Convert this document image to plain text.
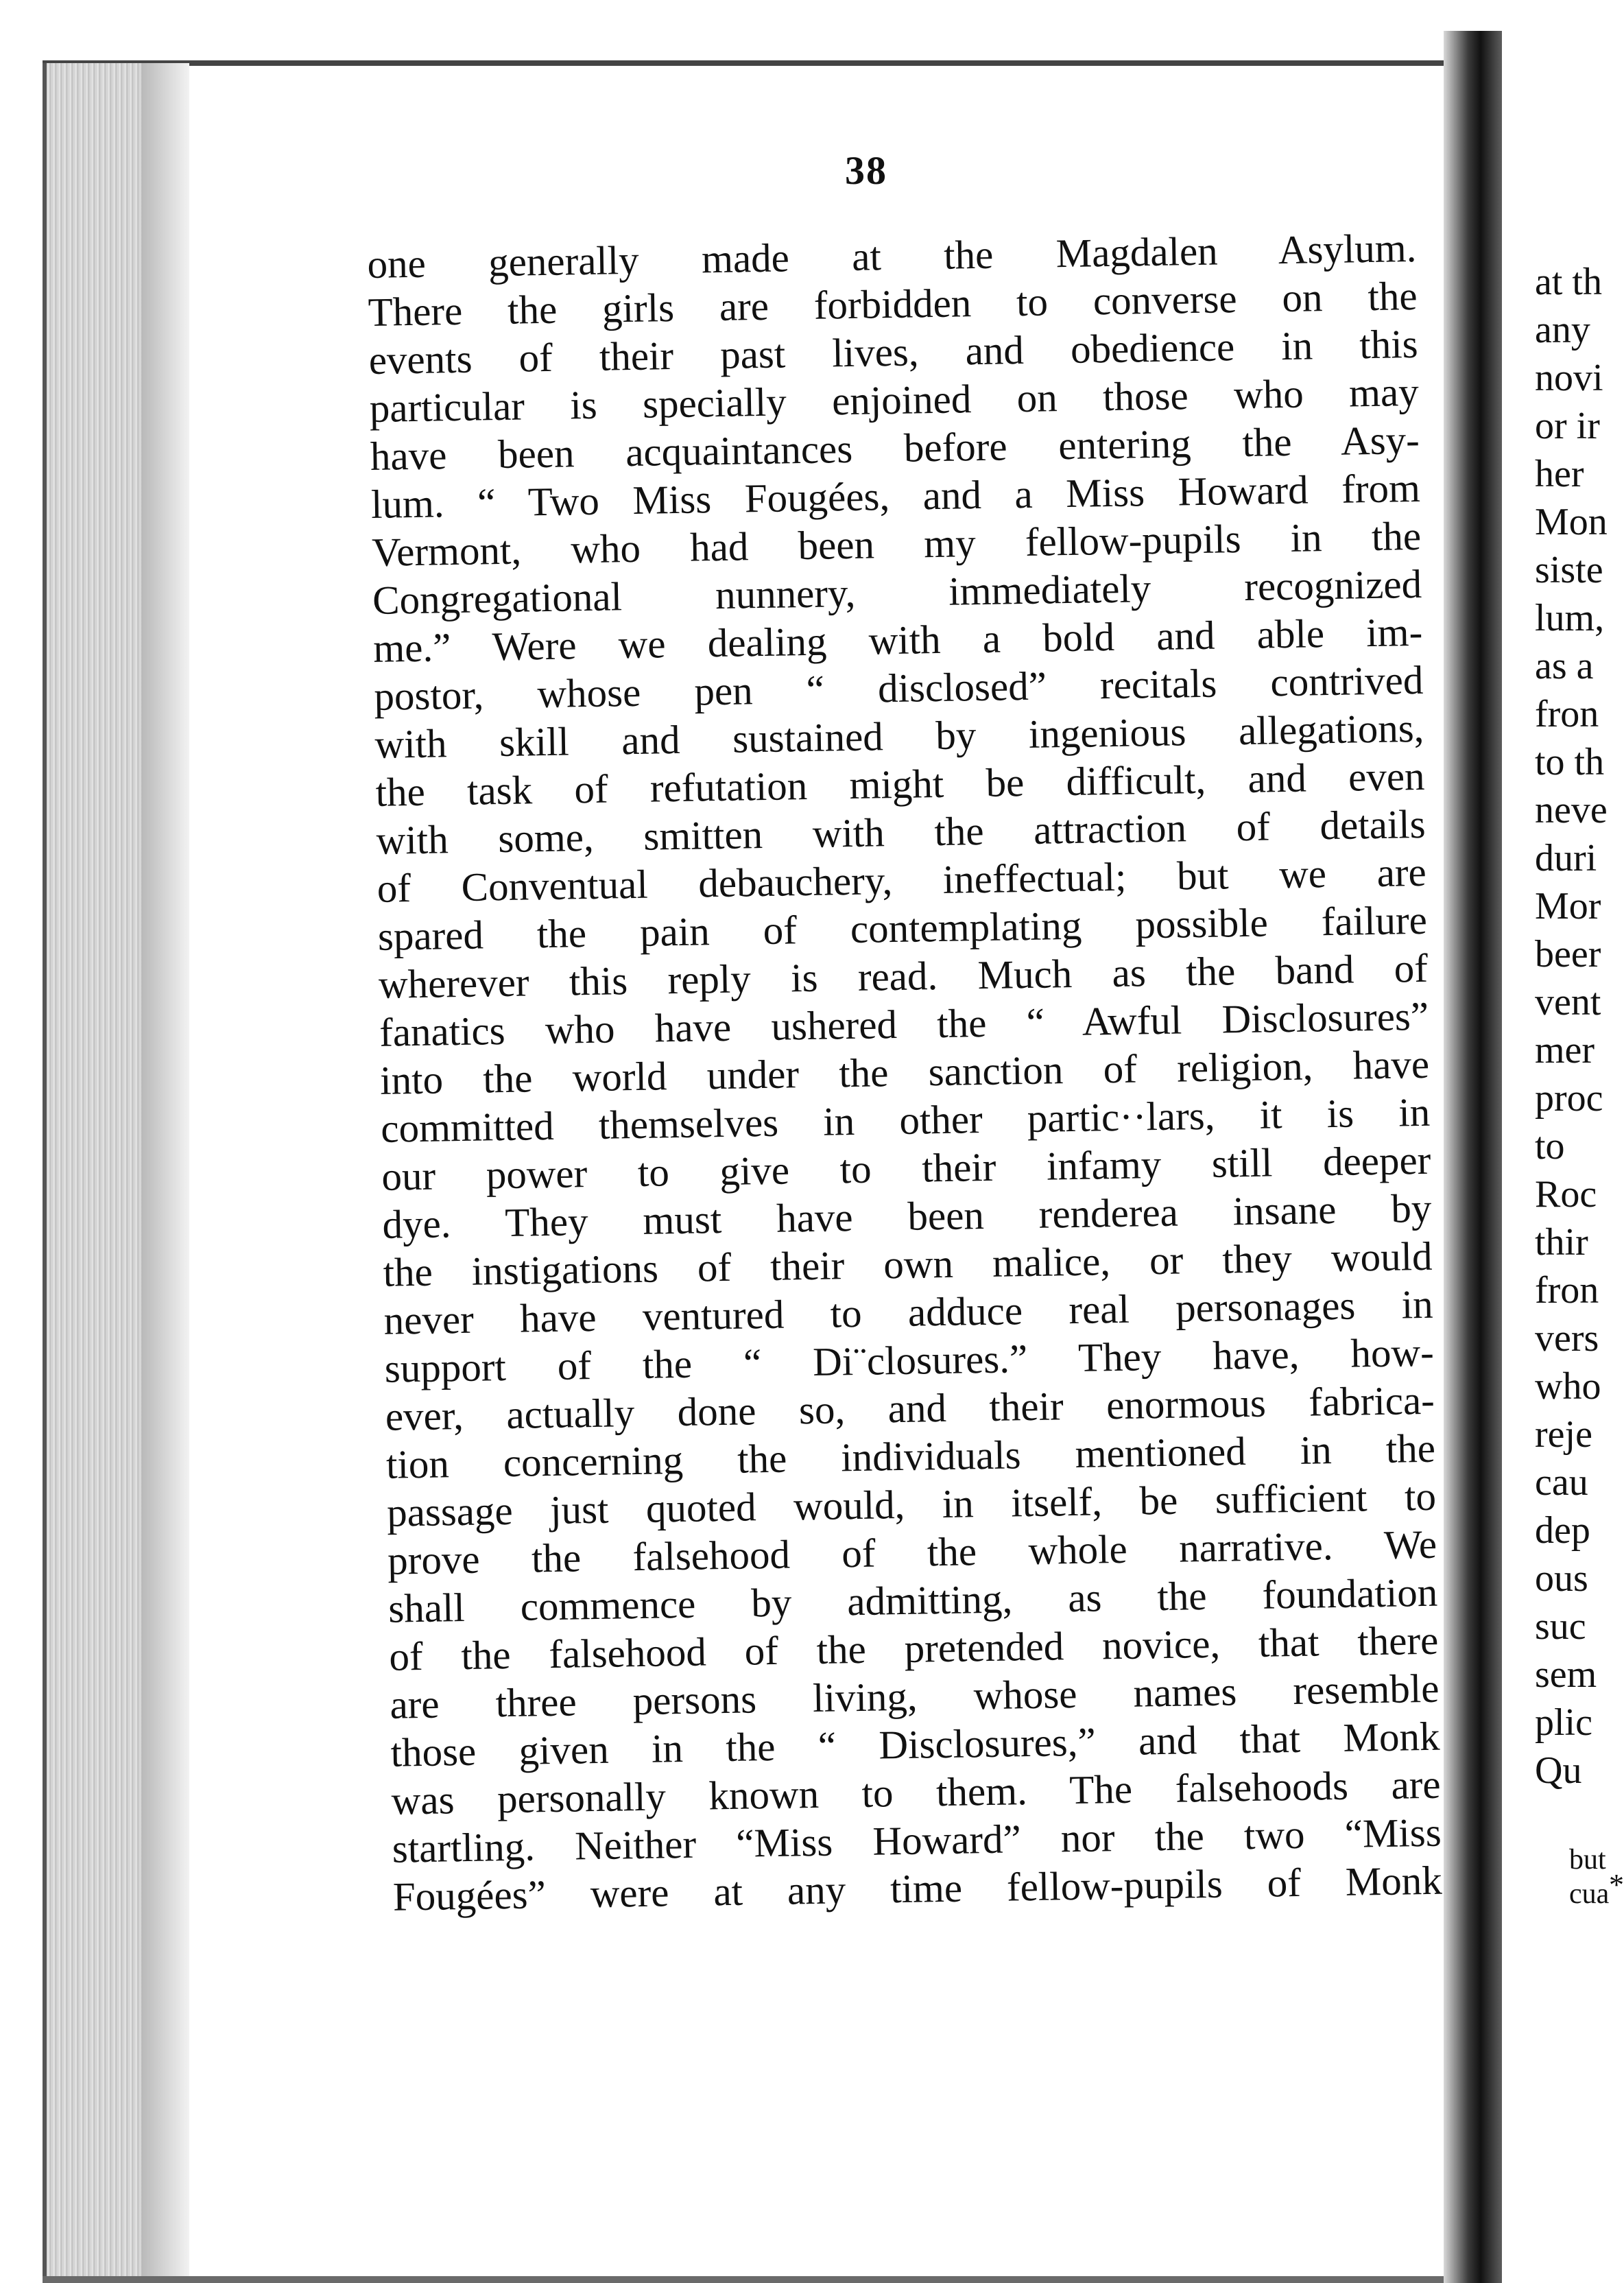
38
one generally made at the Magdalen Asylum.
There the girls are forbidden to converse on the
events of their past lives, and obedience in this
particular is specially enjoined on those who may
have been acquaintances before entering the Asy-
lum. “ Two Miss Fougées, and a Miss Howard from
Vermont, who had been my fellow-pupils in the
Congregational nunnery, immediately recognized
me.” Were we dealing with a bold and able im-
postor, whose pen “ disclosed” recitals contrived
with skill and sustained by ingenious allegations,
the task of refutation might be difficult, and even
with some, smitten with the attraction of details
of Conventual debauchery, ineffectual; but we are
spared the pain of contemplating possible failure
wherever this reply is read. Much as the band of
fanatics who have ushered the “ Awful Disclosures”
into the world under the sanction of religion, have
committed themselves in other partic··lars, it is in
our power to give to their infamy still deeper
dye. They must have been renderea insane by
the instigations of their own malice, or they would
never have ventured to adduce real personages in
support of the “ Di¨closures.” They have, how-
ever, actually done so, and their enormous fabrica-
tion concerning the individuals mentioned in the
passage just quoted would, in itself, be sufficient to
prove the falsehood of the whole narrative. We
shall commence by admitting, as the foundation
of the falsehood of the pretended novice, that there
are three persons living, whose names resemble
those given in the “ Disclosures,” and that Monk
was personally known to them. The falsehoods are
startling. Neither “Miss Howard” nor the two “Miss
Fougées” were at any time fellow-pupils of Monk
at th
any
novi
or ir
her
Mon
siste
lum,
as a
fron
to th
neve
duri
Mor
beer
vent
mer
proc
to
Roc
thir
fron
vers
who
reje
cau
dep
ous
suc
sem
plic
Qu
but
cua *
